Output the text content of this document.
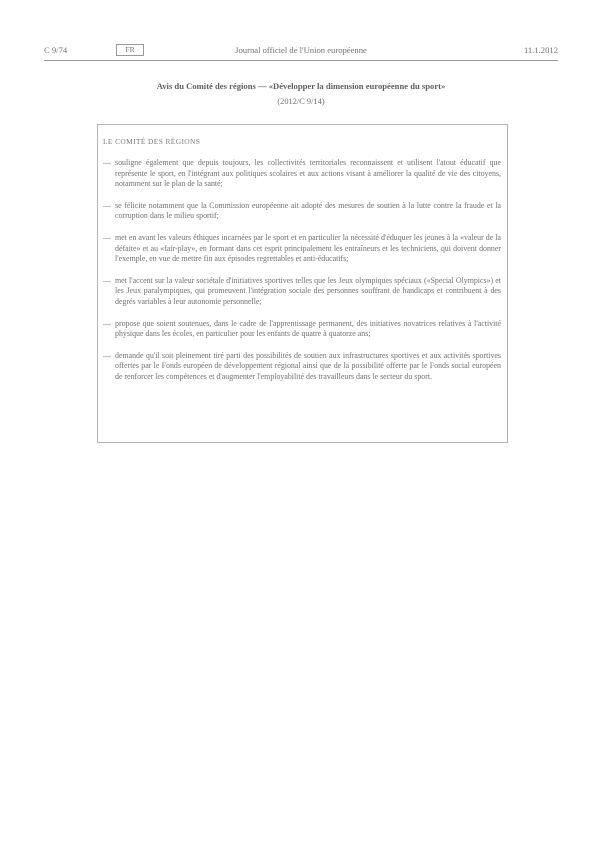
C 9/74	FR	Journal officiel de l'Union européenne	11.1.2012
Avis du Comité des régions — «Développer la dimension européenne du sport»
(2012/C 9/14)
LE COMITÉ DES RÉGIONS
— souligne également que depuis toujours, les collectivités territoriales reconnaissent et utilisent l'atout éducatif que représente le sport, en l'intégrant aux politiques scolaires et aux actions visant à améliorer la qualité de vie des citoyens, notamment sur le plan de la santé;
— se félicite notamment que la Commission européenne ait adopté des mesures de soutien à la lutte contre la fraude et la corruption dans le milieu sportif;
— met en avant les valeurs éthiques incarnées par le sport et en particulier la nécessité d'éduquer les jeunes à la «valeur de la défaite» et au «fair-play», en formant dans cet esprit principalement les entraîneurs et les techniciens, qui doivent donner l'exemple, en vue de mettre fin aux épisodes regrettables et anti-éducatifs;
— met l'accent sur la valeur sociétale d'initiatives sportives telles que les Jeux olympiques spéciaux («Special Olympics») et les Jeux paralympiques, qui promeuvent l'intégration sociale des personnes souffrant de handicaps et contribuent à des degrés variables à leur autonomie personnelle;
— propose que soient soutenues, dans le cadre de l'apprentissage permanent, des initiatives novatrices relatives à l'activité physique dans les écoles, en particulier pour les enfants de quatre à quatorze ans;
— demande qu'il soit pleinement tiré parti des possibilités de soutien aux infrastructures sportives et aux activités sportives offertes par le Fonds européen de développement régional ainsi que de la possibilité offerte par le Fonds social européen de renforcer les compétences et d'augmenter l'employabilité des travailleurs dans le secteur du sport.
